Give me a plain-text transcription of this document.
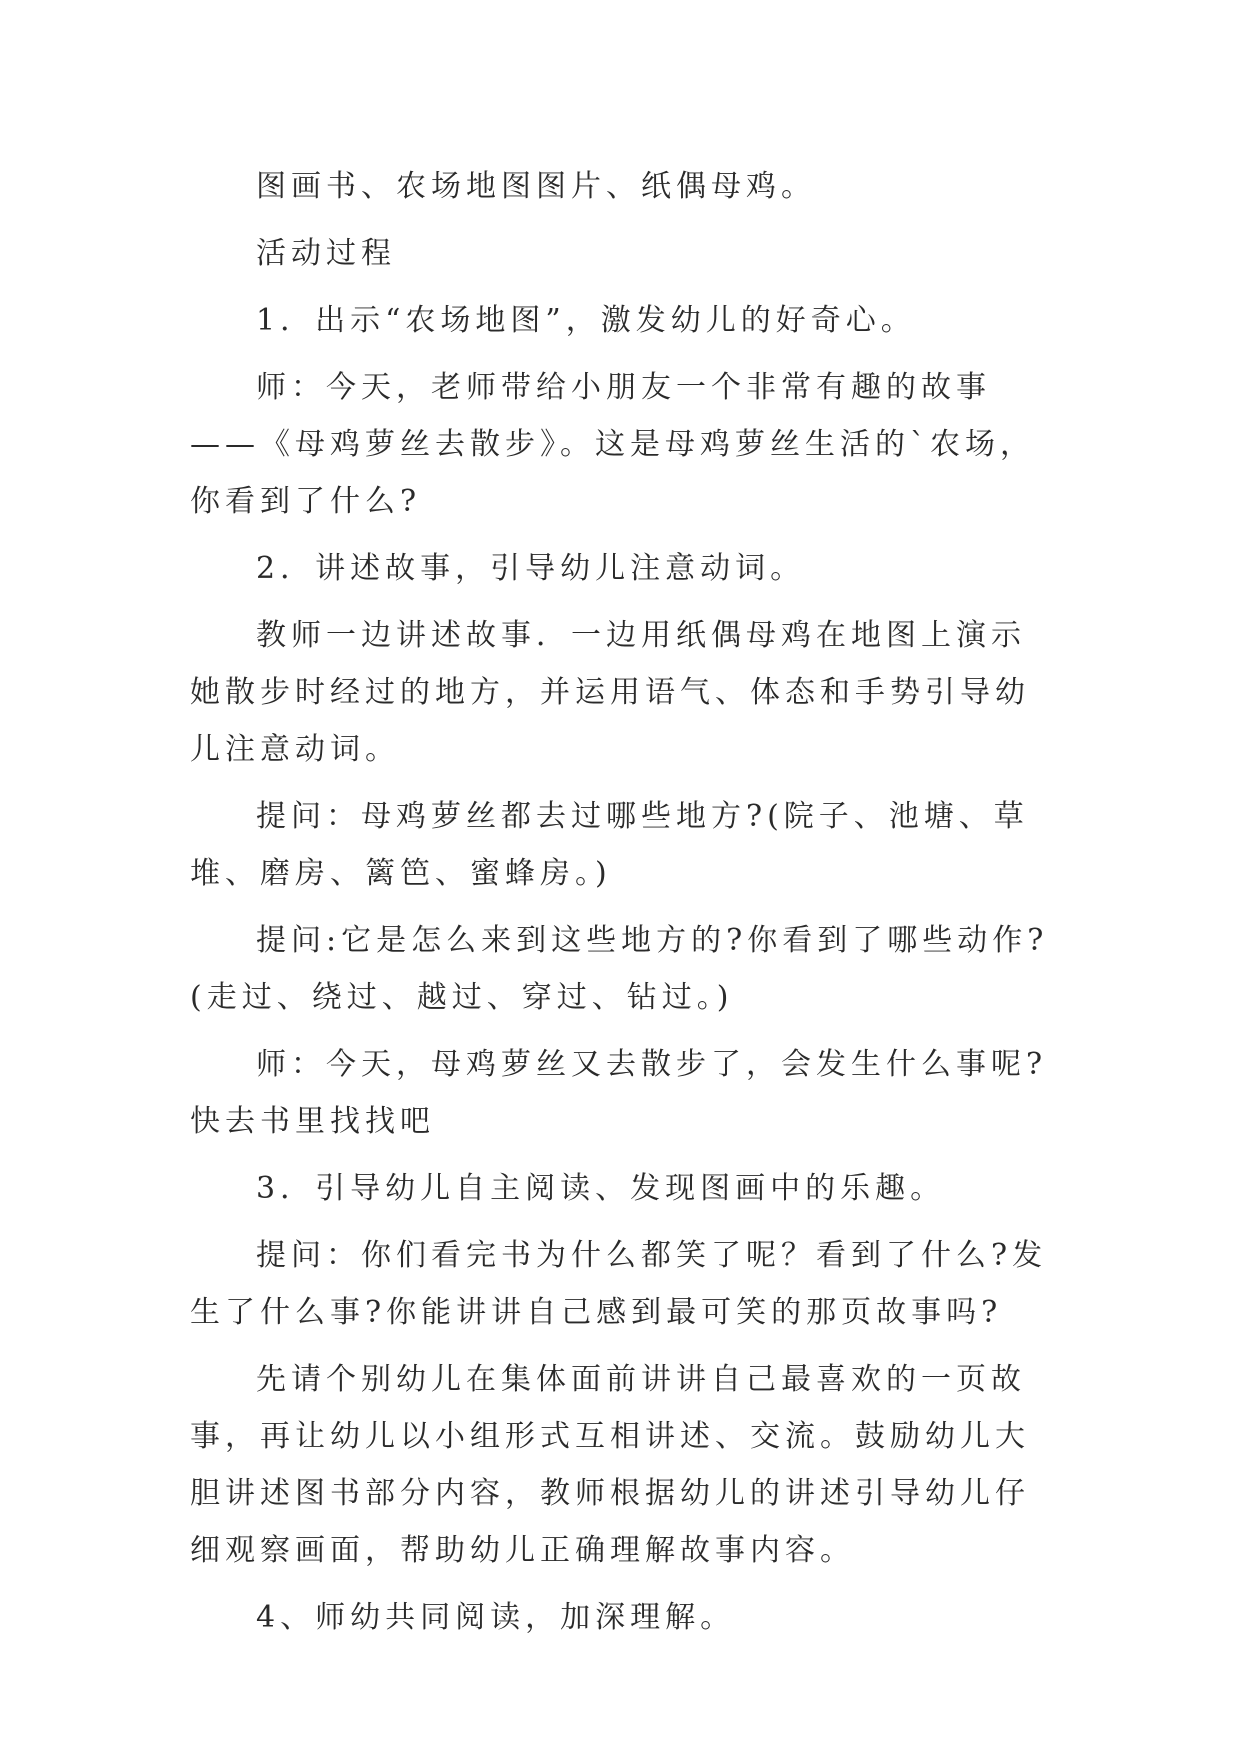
图画书、农场地图图片、纸偶母鸡。

活动过程

1．出示“农场地图”，激发幼儿的好奇心。

师：今天，老师带给小朋友一个非常有趣的故事——《母鸡萝丝去散步》。这是母鸡萝丝生活的`农场，你看到了什么?

2．讲述故事，引导幼儿注意动词。

教师一边讲述故事．一边用纸偶母鸡在地图上演示她散步时经过的地方，并运用语气、体态和手势引导幼儿注意动词。

提问：母鸡萝丝都去过哪些地方?(院子、池塘、草堆、磨房、篱笆、蜜蜂房。)

提问:它是怎么来到这些地方的?你看到了哪些动作?(走过、绕过、越过、穿过、钻过。)

师：今天，母鸡萝丝又去散步了，会发生什么事呢?快去书里找找吧

3．引导幼儿自主阅读、发现图画中的乐趣。

提问：你们看完书为什么都笑了呢？看到了什么?发生了什么事?你能讲讲自己感到最可笑的那页故事吗?

先请个别幼儿在集体面前讲讲自己最喜欢的一页故事，再让幼儿以小组形式互相讲述、交流。鼓励幼儿大胆讲述图书部分内容，教师根据幼儿的讲述引导幼儿仔细观察画面，帮助幼儿正确理解故事内容。

4、师幼共同阅读，加深理解。
